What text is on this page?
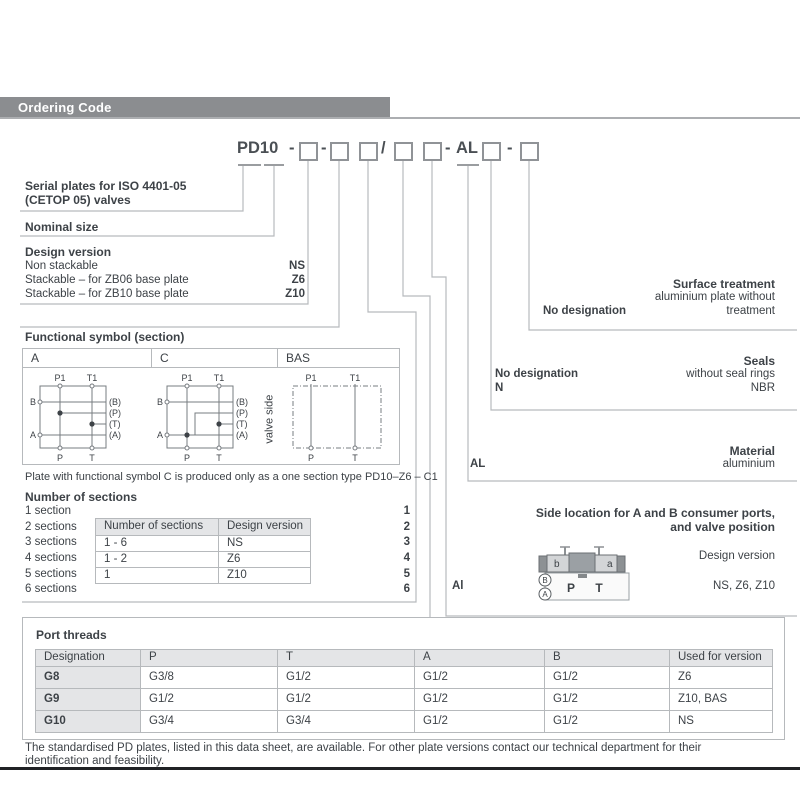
Ordering Code
PD10 - -	/	- AL -
Serial plates for ISO 4401-05
(CETOP 05) valves
Nominal size
Design version
Non stackable	NS
Stackable – for ZB06 base plate	Z6
Stackable – for ZB10 base plate	Z10
Functional symbol (section)
A	C	BAS
P1 T1
B
A
P	T
(B)
(P)
(T)
(A)
P1 T1
B
A
P	T
(B)
(P)
(T)
(A) valve side
P1	T1
P	T
Plate with functional symbol C is produced only as a one section type PD10–Z6 – C1
Number of sections
1 section	1
2 sections	2
3 sections	3
4 sections	4
5 sections	5
6 sections	6
Number of sections	Design version
1 - 6	NS
1 - 2	Z6
1	Z10
Surface treatment
aluminium plate without
No designation	treatment
Seals
No designation	without seal rings
N	NBR
Material
AL	aluminium
Side location for A and B consumer ports,
and valve position
Design version
Al	NS, Z6, Z10
b	a
B
A P T
Port threads
Designation	P	T	A	B	Used for version
G8	G3/8	G1/2	G1/2	G1/2	Z6
G9	G1/2	G1/2	G1/2	G1/2	Z10, BAS
G10	G3/4	G3/4	G1/2	G1/2	NS
The standardised PD plates, listed in this data sheet, are available. For other plate versions contact our technical department for their
identification and feasibility.
